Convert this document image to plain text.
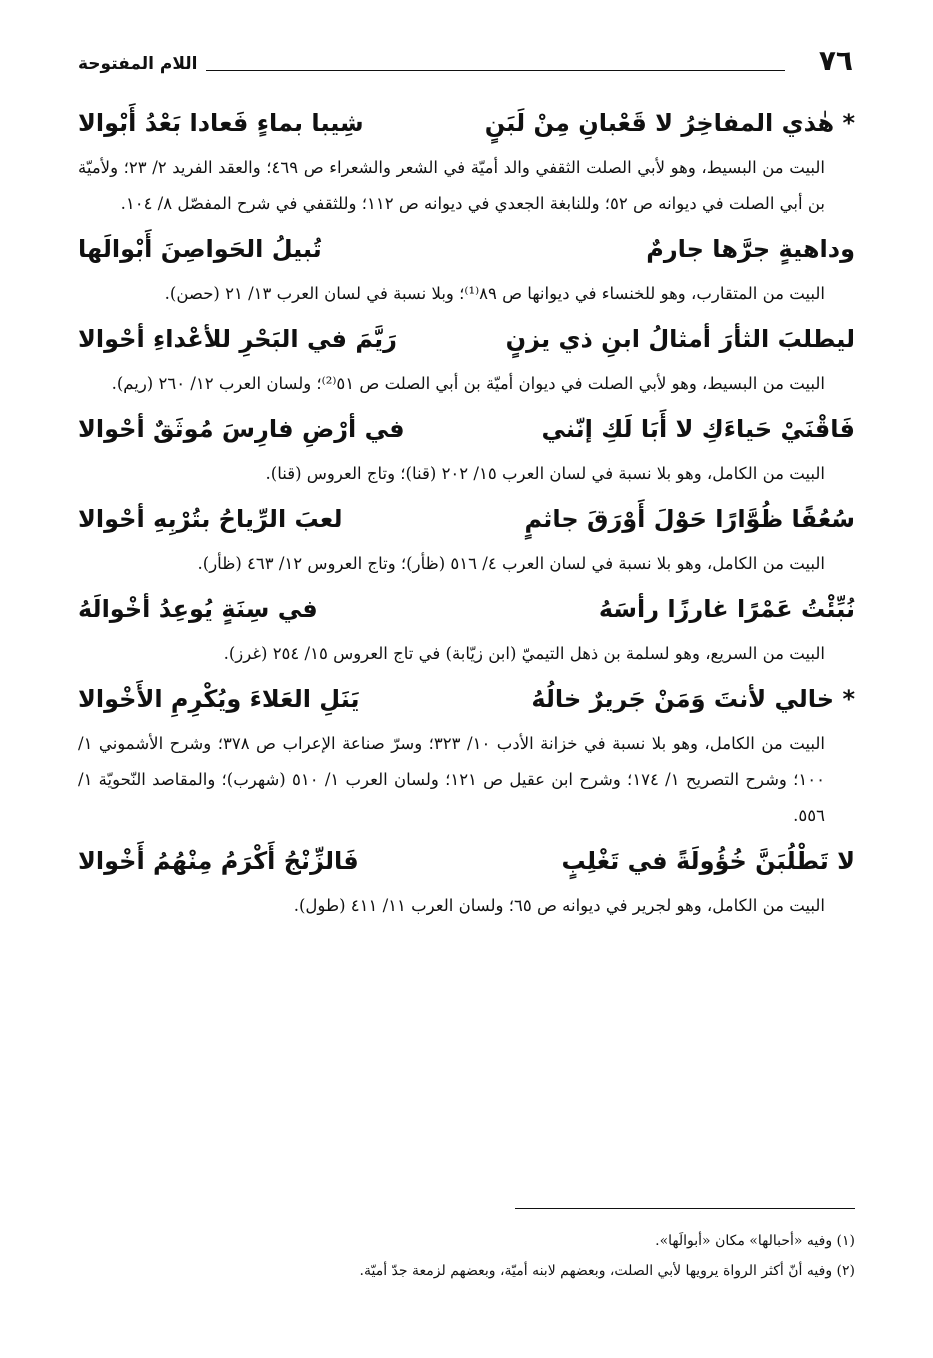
٧٦
اللام المفتوحة
* هٰذي المفاخِرُ لا قَعْبانِ مِنْ لَبَنٍ
شِيبا بماءٍ فَعادا بَعْدُ أَبْوالا
البيت من البسيط، وهو لأبي الصلت الثقفي والد أميّة في الشعر والشعراء ص ٤٦٩؛ والعقد الفريد ٢/ ٢٣؛ ولأميّة بن أبي الصلت في ديوانه ص ٥٢؛ وللنابغة الجعدي في ديوانه ص ١١٢؛ وللثقفي في شرح المفصّل ٨/ ١٠٤.
وداهيةٍ جرَّها جارمٌ
تُبيلُ الحَواصِنَ أَبْوالَها
البيت من المتقارب، وهو للخنساء في ديوانها ص ٨٩⁽¹⁾؛ وبلا نسبة في لسان العرب ١٣/ ٢١ (حصن).
ليطلبَ الثأرَ أمثالُ ابنِ ذي يزنٍ
رَيَّمَ في البَحْرِ للأعْداءِ أحْوالا
البيت من البسيط، وهو لأبي الصلت في ديوان أميّة بن أبي الصلت ص ٥١⁽²⁾؛ ولسان العرب ١٢/ ٢٦٠ (ريم).
فَاقْنَيْ حَياءَكِ لا أَبَا لَكِ إنّني
في أرْضِ فارِسَ مُوثَقٌ أحْوالا
البيت من الكامل، وهو بلا نسبة في لسان العرب ١٥/ ٢٠٢ (قنا)؛ وتاج العروس (قنا).
سُعُفًا ظُوَّارًا حَوْلَ أَوْرَقَ جاثمٍ
لعبَ الرِّياحُ بتُرْبِهِ أحْوالا
البيت من الكامل، وهو بلا نسبة في لسان العرب ٤/ ٥١٦ (ظأر)؛ وتاج العروس ١٢/ ٤٦٣ (ظأر).
نُبِّئْتُ عَمْرًا غارزًا رأسَهُ
في سِنَةٍ يُوعِدُ أخْوالَهُ
البيت من السريع، وهو لسلمة بن ذهل التيميّ (ابن زيّابة) في تاج العروس ١٥/ ٢٥٤ (غرز).
* خالي لأنتَ وَمَنْ جَريرٌ خالُهُ
يَنَلِ العَلاءَ ويُكْرِمِ الأَخْوالا
البيت من الكامل، وهو بلا نسبة في خزانة الأدب ١٠/ ٣٢٣؛ وسرّ صناعة الإعراب ص ٣٧٨؛ وشرح الأشموني ١/ ١٠٠؛ وشرح التصريح ١/ ١٧٤؛ وشرح ابن عقيل ص ١٢١؛ ولسان العرب ١/ ٥١٠ (شهرب)؛ والمقاصد النّحويّة ١/ ٥٥٦.
لا تَطْلُبَنَّ خُؤُولَةً في تَغْلِبٍ
فَالزِّنْجُ أَكْرَمُ مِنْهُمُ أَخْوالا
البيت من الكامل، وهو لجرير في ديوانه ص ٦٥؛ ولسان العرب ١١/ ٤١١ (طول).
(١) وفيه «أحبالها» مكان «أبوالَها».
(٢) وفيه أنّ أكثر الرواة يرويها لأبي الصلت، وبعضهم لابنه أميّة، وبعضهم لزمعة جدّ أميّة.
